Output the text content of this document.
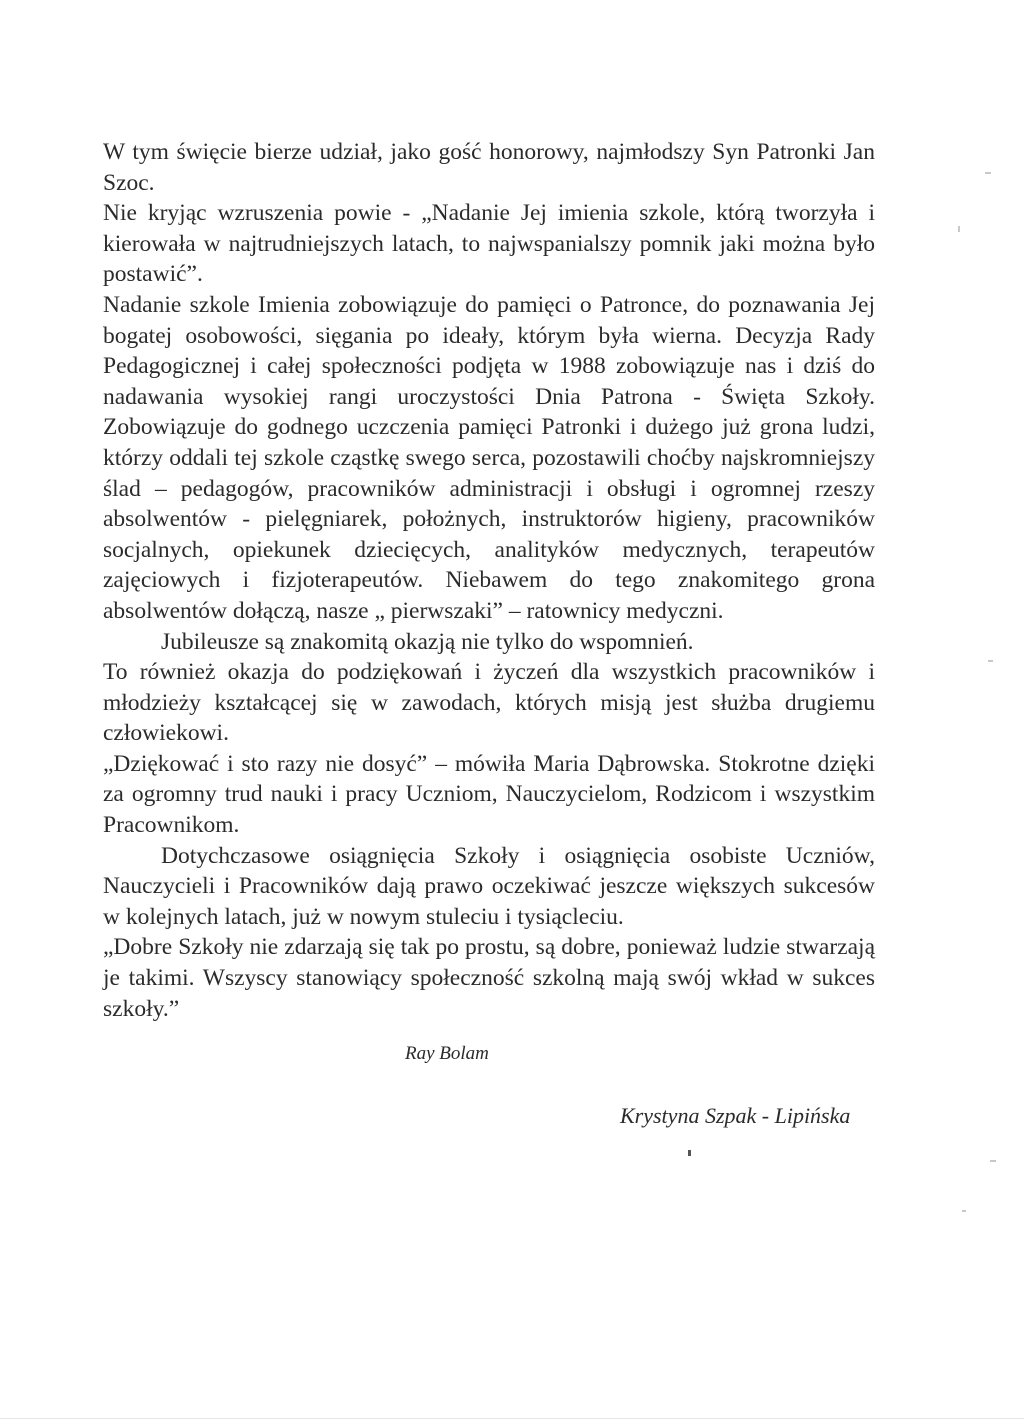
W tym święcie bierze udział, jako gość honorowy, najmłodszy Syn Patronki Jan Szoc.

Nie kryjąc wzruszenia powie - „Nadanie Jej imienia szkole, którą tworzyła i kierowała w najtrudniejszych latach, to najwspanialszy pomnik jaki można było postawić”.

Nadanie szkole Imienia zobowiązuje do pamięci o Patronce, do poznawania Jej bogatej osobowości, sięgania po ideały, którym była wierna. Decyzja Rady Pedagogicznej i całej społeczności podjęta w 1988 zobowiązuje nas i dziś do nadawania wysokiej rangi uroczystości Dnia Patrona - Święta Szkoły. Zobowiązuje do godnego uczczenia pamięci Patronki i dużego już grona ludzi, którzy oddali tej szkole cząstkę swego serca, pozostawili choćby najskromniejszy ślad – pedagogów, pracowników administracji i obsługi i ogromnej rzeszy absolwentów - pielęgniarek, położnych, instruktorów higieny, pracowników socjalnych, opiekunek dziecięcych, analityków medycznych, terapeutów zajęciowych i fizjoterapeutów. Niebawem do tego znakomitego grona absolwentów dołączą, nasze „ pierwszaki” – ratownicy medyczni.

Jubileusze są znakomitą okazją nie tylko do wspomnień.

To również okazja do podziękowań i życzeń dla wszystkich pracowników i młodzieży kształcącej się w zawodach, których misją jest służba drugiemu człowiekowi.

„Dziękować i sto razy nie dosyć” – mówiła Maria Dąbrowska. Stokrotne dzięki za ogromny trud nauki i pracy Uczniom, Nauczycielom, Rodzicom i wszystkim Pracownikom.

Dotychczasowe osiągnięcia Szkoły i osiągnięcia osobiste Uczniów, Nauczycieli i Pracowników dają prawo oczekiwać jeszcze większych sukcesów w kolejnych latach, już w nowym stuleciu i tysiącleciu.

„Dobre Szkoły nie zdarzają się tak po prostu, są dobre, ponieważ ludzie stwarzają je takimi. Wszyscy stanowiący społeczność szkolną mają swój wkład w sukces szkoły.”

Ray Bolam
Krystyna Szpak - Lipińska
